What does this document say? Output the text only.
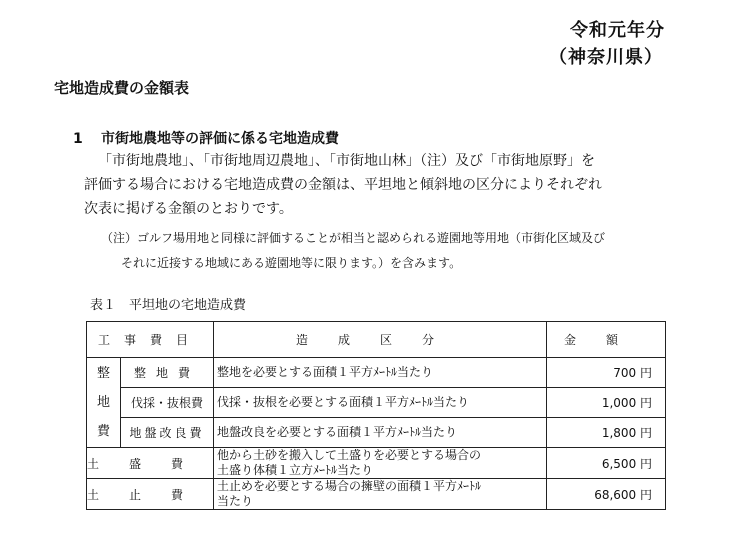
令和元年分
（神奈川県）
宅地造成費の金額表
1 市街地農地等の評価に係る宅地造成費
「市街地農地」、「市街地周辺農地」、「市街地山林」（注）及び「市街地原野」を
評価する場合における宅地造成費の金額は、平坦地と傾斜地の区分によりそれぞれ
次表に掲げる金額のとおりです。
（注）ゴルフ場用地と同様に評価することが相当と認められる遊園地等用地（市街化区域及び
それに近接する地域にある遊園地等に限ります。）を含みます。
表１　平坦地の宅地造成費
工事費目		造成区分	金額

整
地
費	整地費	整地を必要とする面積１平方ﾒｰﾄﾙ当たり	700 円
	伐採・抜根費	伐採・抜根を必要とする面積１平方ﾒｰﾄﾙ当たり	1,000 円
	地盤改良費	地盤改良を必要とする面積１平方ﾒｰﾄﾙ当たり	1,800 円
土盛費		他から土砂を搬入して土盛りを必要とする場合の
土盛り体積１立方ﾒｰﾄﾙ当たり	6,500 円
土止費		土止めを必要とする場合の擁壁の面積１平方ﾒｰﾄﾙ
当たり	68,600 円
